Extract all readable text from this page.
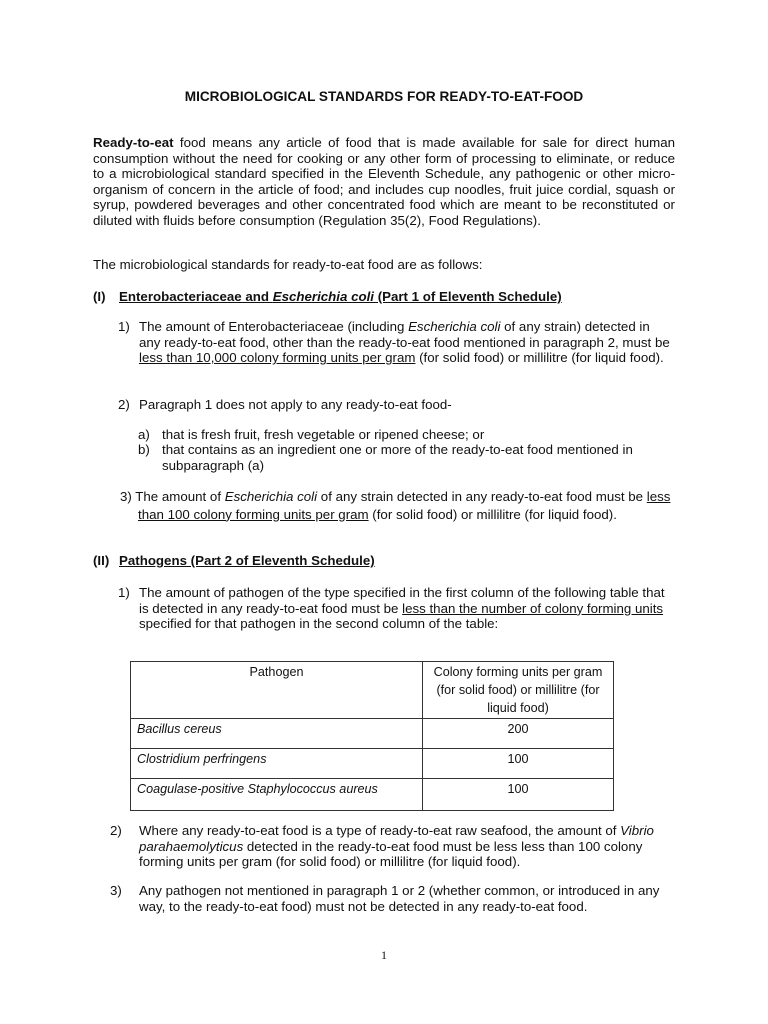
MICROBIOLOGICAL STANDARDS FOR READY-TO-EAT-FOOD
Ready-to-eat food means any article of food that is made available for sale for direct human consumption without the need for cooking or any other form of processing to eliminate, or reduce to a microbiological standard specified in the Eleventh Schedule, any pathogenic or other micro-organism of concern in the article of food; and includes cup noodles, fruit juice cordial, squash or syrup, powdered beverages and other concentrated food which are meant to be reconstituted or diluted with fluids before consumption (Regulation 35(2), Food Regulations).
The microbiological standards for ready-to-eat food are as follows:
(I) Enterobacteriaceae and Escherichia coli (Part 1 of Eleventh Schedule)
1) The amount of Enterobacteriaceae (including Escherichia coli of any strain) detected in any ready-to-eat food, other than the ready-to-eat food mentioned in paragraph 2, must be less than 10,000 colony forming units per gram (for solid food) or millilitre (for liquid food).
2) Paragraph 1 does not apply to any ready-to-eat food-
a) that is fresh fruit, fresh vegetable or ripened cheese; or
b) that contains as an ingredient one or more of the ready-to-eat food mentioned in subparagraph (a)
3) The amount of Escherichia coli of any strain detected in any ready-to-eat food must be less than 100 colony forming units per gram (for solid food) or millilitre (for liquid food).
(II) Pathogens (Part 2 of Eleventh Schedule)
1) The amount of pathogen of the type specified in the first column of the following table that is detected in any ready-to-eat food must be less than the number of colony forming units specified for that pathogen in the second column of the table:
Pathogen	Colony forming units per gram (for solid food) or millilitre (for liquid food)
Bacillus cereus	200
Clostridium perfringens	100
Coagulase-positive Staphylococcus aureus	100
2) Where any ready-to-eat food is a type of ready-to-eat raw seafood, the amount of Vibrio parahaemolyticus detected in the ready-to-eat food must be less less than 100 colony forming units per gram (for solid food) or millilitre (for liquid food).
3) Any pathogen not mentioned in paragraph 1 or 2 (whether common, or introduced in any way, to the ready-to-eat food) must not be detected in any ready-to-eat food.
1
